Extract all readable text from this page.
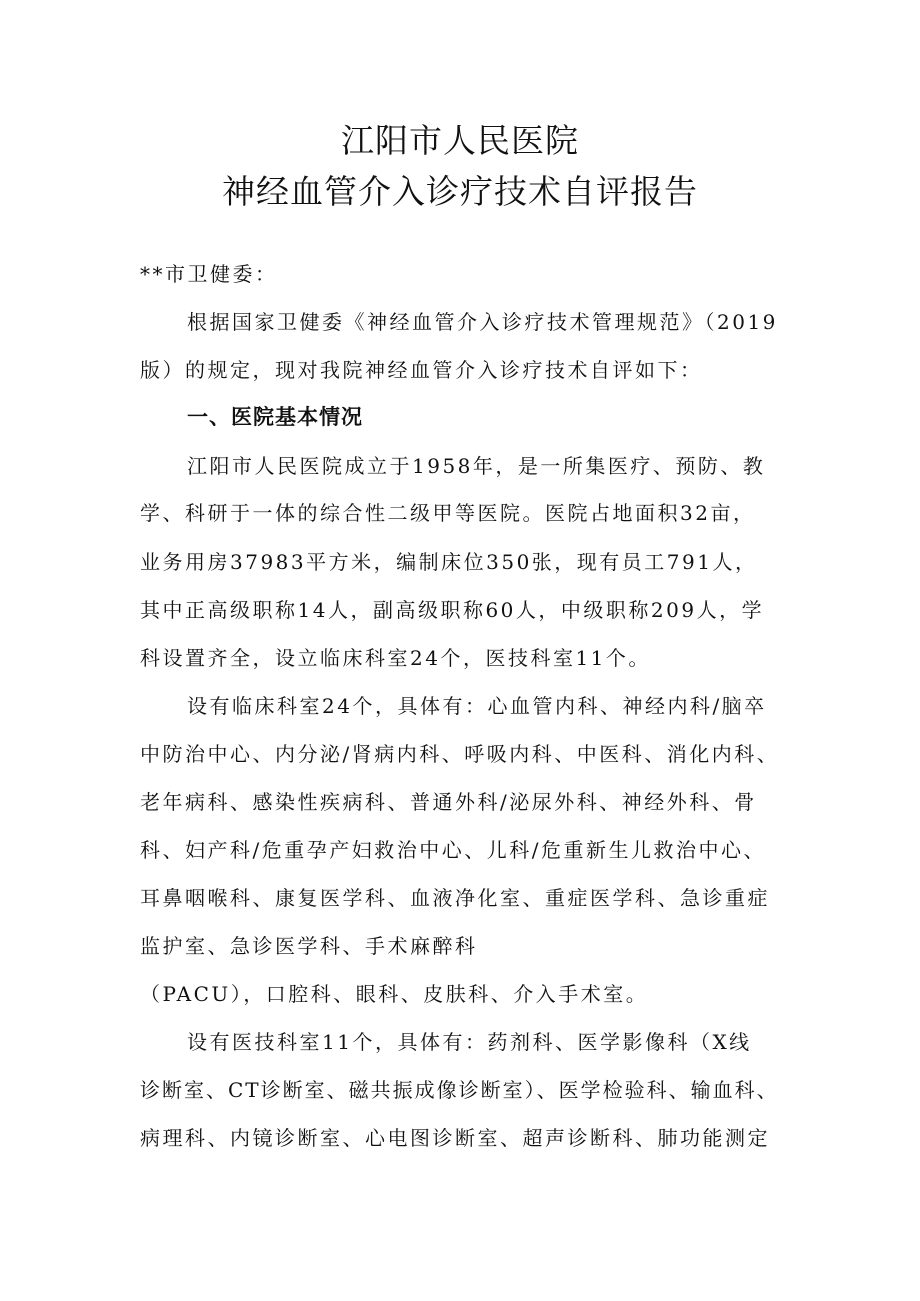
江阳市人民医院
神经血管介入诊疗技术自评报告

**市卫健委：

根据国家卫健委《神经血管介入诊疗技术管理规范》（2019

版）的规定，现对我院神经血管介入诊疗技术自评如下：

一、医院基本情况

江阳市人民医院成立于1958年，是一所集医疗、预防、教

学、科研于一体的综合性二级甲等医院。医院占地面积32亩，

业务用房37983平方米，编制床位350张，现有员工791人，

其中正高级职称14人，副高级职称60人，中级职称209人，学

科设置齐全，设立临床科室24个，医技科室11个。

设有临床科室24个，具体有：心血管内科、神经内科/脑卒

中防治中心、内分泌/肾病内科、呼吸内科、中医科、消化内科、

老年病科、感染性疾病科、普通外科/泌尿外科、神经外科、骨

科、妇产科/危重孕产妇救治中心、儿科/危重新生儿救治中心、

耳鼻咽喉科、康复医学科、血液净化室、重症医学科、急诊重症

监护室、急诊医学科、手术麻醉科

（PACU），口腔科、眼科、皮肤科、介入手术室。

设有医技科室11个，具体有：药剂科、医学影像科（X线

诊断室、CT诊断室、磁共振成像诊断室）、医学检验科、输血科、

病理科、内镜诊断室、心电图诊断室、超声诊断科、肺功能测定
